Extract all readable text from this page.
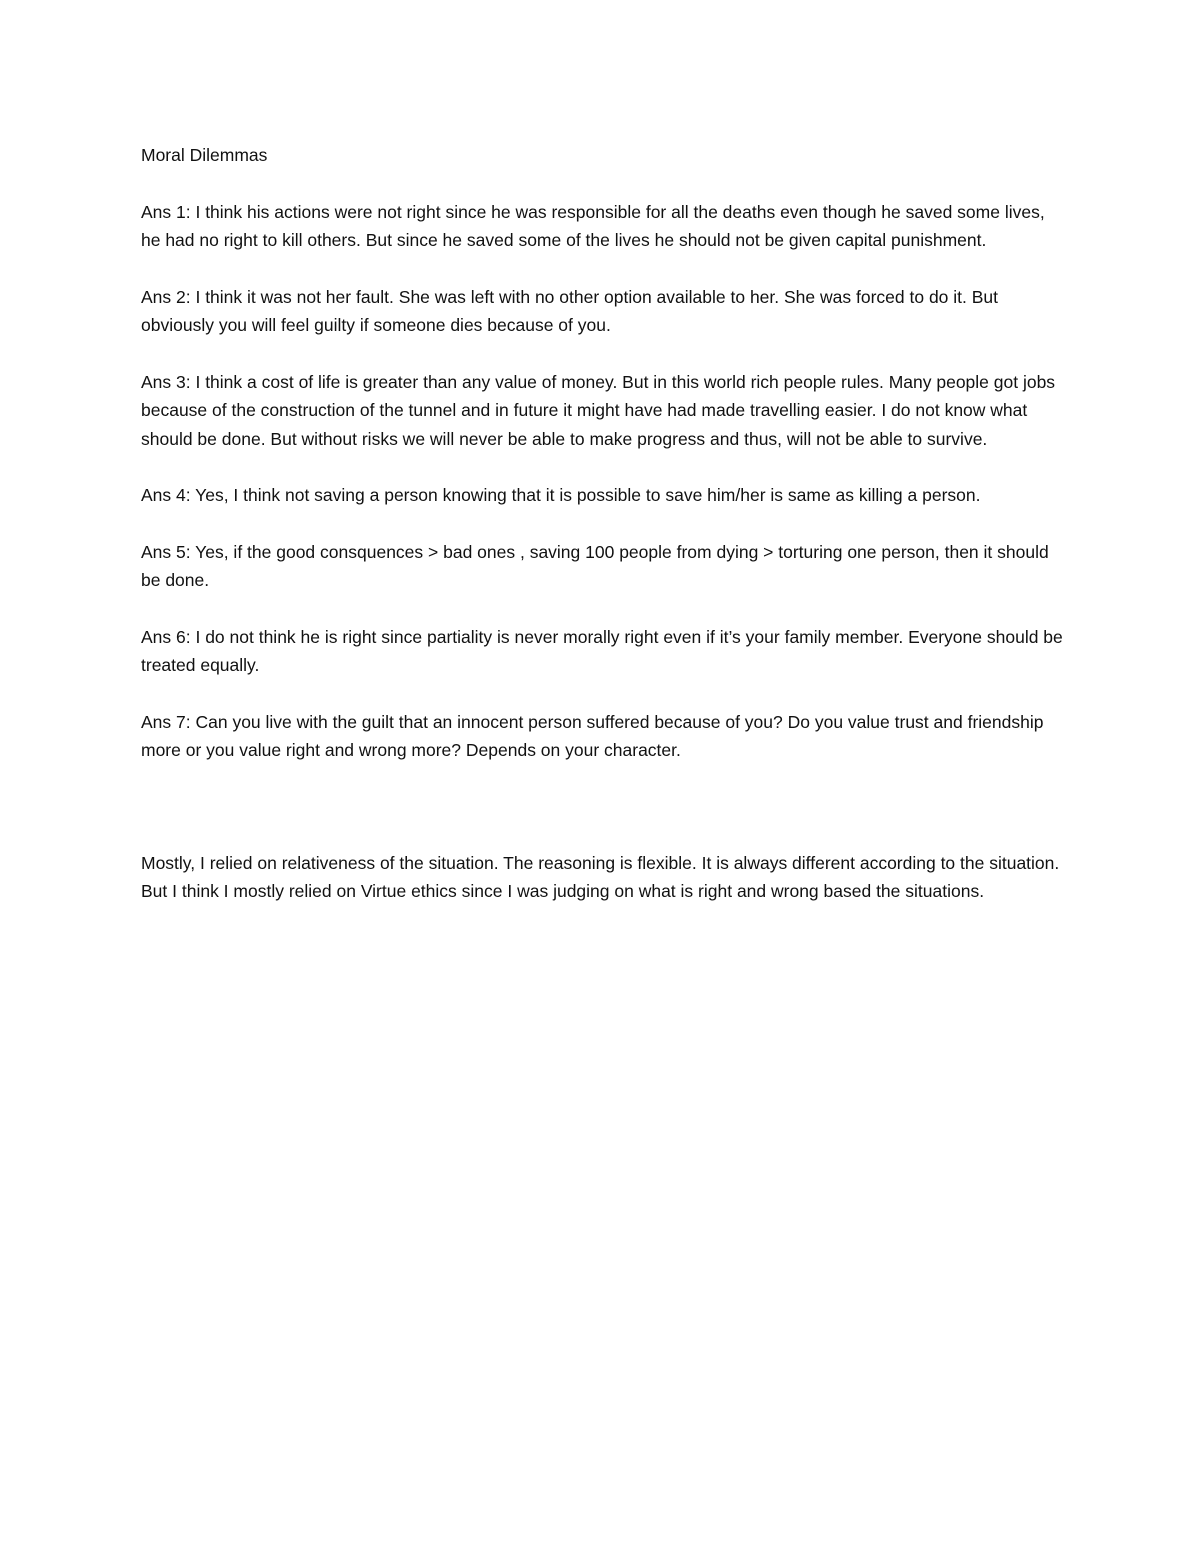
Moral Dilemmas

Ans 1: I think his actions were not right since he was responsible for all the deaths even though he saved some lives, he had no right to kill others. But since he saved some of the lives he should not be given capital punishment.

Ans 2: I think it was not her fault. She was left with no other option available to her. She was forced to do it. But obviously you will feel guilty if someone dies because of you.

Ans 3: I think a cost of life is greater than any value of money. But in this world rich people rules. Many people got jobs because of the construction of the tunnel and in future it might have had made travelling easier. I do not know what should be done. But without risks we will never be able to make progress and thus, will not be able to survive.

Ans 4: Yes, I think not saving a person knowing that it is possible to save him/her is same as killing a person.

Ans 5: Yes, if the good consquences > bad ones , saving 100 people from dying > torturing one person, then it should be done.

Ans 6: I do not think he is right since partiality is never morally right even if it’s your family member. Everyone should be treated equally.

Ans 7: Can you live with the guilt that an innocent person suffered because of you? Do you value trust and friendship more or you value right and wrong more? Depends on your character.

Mostly, I relied on relativeness of the situation. The reasoning is flexible. It is always different according to the situation. But I think I mostly relied on Virtue ethics since I was judging on what is right and wrong based the situations.
